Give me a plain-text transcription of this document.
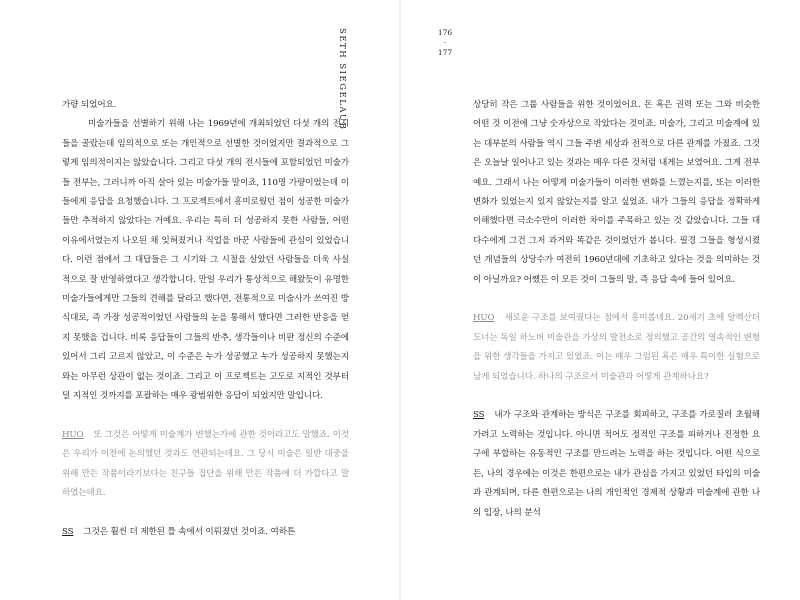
SETH SIEGELAUB	176
·
177

가량 되었어요.

미술가들을 선별하기 위해 나는 1969년에 개최되었던 다섯 개의 전시들을 골랐는데 임의적으로 또는 개인적으로 선별한 것이었지만 결과적으로 그렇게 임의적이지는 않았습니다. 그리고 다섯 개의 전시들에 포함되었던 미술가들 전부는, 그러니까 아직 살아 있는 미술가들 말이죠, 110명 가량이었는데 이들에게 응답을 요청했습니다. 그 프로젝트에서 흥미로웠던 점이 성공한 미술가들만 추적하지 않았다는 거예요. 우리는 특히 더 성공하지 못한 사람들, 어떤 이유에서였는지 나오된 채 잊혀졌거나 직업을 바꾼 사람들에 관심이 있었습니다. 이런 점에서 그 대답들은 그 시기와 그 시절을 살았던 사람들을 더욱 사실적으로 잘 반영하였다고 생각합니다. 만일 우리가 통상적으로 해왔듯이 유명한 미술가들에게만 그들의 견해를 달라고 했다면, 전통적으로 미술사가 쓰여진 방식대로, 즉 가장 성공적이었던 사람들의 눈을 통해서 했다면 그러한 반응을 얻지 못했을 겁니다. 비록 응답들이 그들의 반추, 생각들이나 비판 정신의 수준에 있어서 그리 고르지 않았고, 이 수준은 누가 성공했고 누가 성공하지 못했는지와는 아무런 상관이 없는 것이죠. 그리고 이 프로젝트는 고도로 지적인 것부터 덜 지적인 것까지를 포괄하는 매우 광범위한 응답이 되었지만 말입니다.

HUO 또 그것은 어떻게 미술계가 변했는가에 관한 것이라고도 말했죠. 이것은 우리가 이전에 논의했던 것과도 연관되는데요. 그 당시 미술은 일반 대중을 위해 만든 작품이라기보다는 친구들 집단을 위해 만든 작품에 더 가깝다고 말하였는데요.

SS 그것은 훨씬 더 제한된 틀 속에서 이뤄졌던 것이죠. 여하튼

상당히 작은 그룹 사람들을 위한 것이었어요. 돈 혹은 권력 또는 그와 비슷한 어떤 것 이전에 그냥 숫자상으로 작았다는 것이죠. 미술가, 그리고 미술계에 있는 대부분의 사람들 역시 그들 주변 세상과 전적으로 다른 관계를 가졌죠. 그것은 오늘날 일어나고 있는 것과는 매우 다른 것처럼 내게는 보였어요. 그게 전부예요. 그래서 나는 어떻게 미술가들이 이러한 변화를 느꼈는지를, 또는 이러한 변화가 있었는지 있지 않았는지를 알고 싶었죠. 내가 그들의 응답을 정확하게 이해했다면 극소수만이 이러한 차이를 주목하고 있는 것 같았습니다. 그들 대다수에게 그건 그저 과거와 똑같은 것이었던가 봅니다. 필경 그들을 형성시켰던 개념들의 상당수가 여전히 1960년대에 기초하고 있다는 것을 의미하는 것이 아닐까요? 어쨌든 이 모든 것이 그들의 말, 즉 응답 속에 들어 있어요.

HUO 새로운 구조를 보여줬다는 점에서 흥미롭네요. 20세기 초에 알렉산더 도너는 독일 하노버 미술관을 가상의 발전소로 정의했고 공간의 영속적인 변형을 위한 생각들을 가지고 있었죠. 이는 매우 그럼된 혹은 매우 특이한 실험으로 남게 되었습니다. 하나의 구조로서 미술관과 어떻게 관계하나요?

SS 내가 구조와 관계하는 방식은 구조를 회피하고, 구조를 가로질러 초월해 가려고 노력하는 것입니다. 아니면 적어도 정적인 구조를 피하거나 진정한 요구에 부합하는 유동적인 구조를 만드려는 노력을 하는 것입니다. 어떤 식으로든, 나의 경우에는 이것은 한편으로는 내가 관심을 가지고 있었던 타입의 미술과 관계되며, 다른 한편으로는 나의 개인적인 경제적 상황과 미술계에 관한 나의 입장, 나의 분석
